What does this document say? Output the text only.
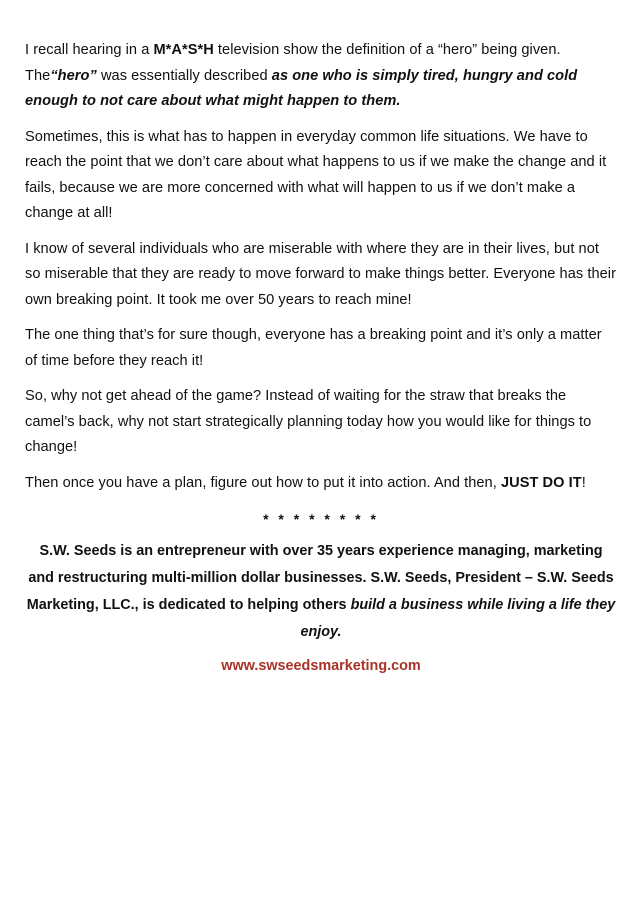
I recall hearing in a M*A*S*H television show the definition of a “hero” being given. The“hero” was essentially described as one who is simply tired, hungry and cold enough to not care about what might happen to them.

Sometimes, this is what has to happen in everyday common life situations. We have to reach the point that we don’t care about what happens to us if we make the change and it fails, because we are more concerned with what will happen to us if we don’t make a change at all!

I know of several individuals who are miserable with where they are in their lives, but not so miserable that they are ready to move forward to make things better. Everyone has their own breaking point. It took me over 50 years to reach mine!

The one thing that’s for sure though, everyone has a breaking point and it’s only a matter of time before they reach it!

So, why not get ahead of the game? Instead of waiting for the straw that breaks the camel’s back, why not start strategically planning today how you would like for things to change!

Then once you have a plan, figure out how to put it into action. And then, JUST DO IT!

* * * * * * * *

S.W. Seeds is an entrepreneur with over 35 years experience managing, marketing and restructuring multi-million dollar businesses. S.W. Seeds, President – S.W. Seeds Marketing, LLC., is dedicated to helping others build a business while living a life they enjoy.

www.swseedsmarketing.com
